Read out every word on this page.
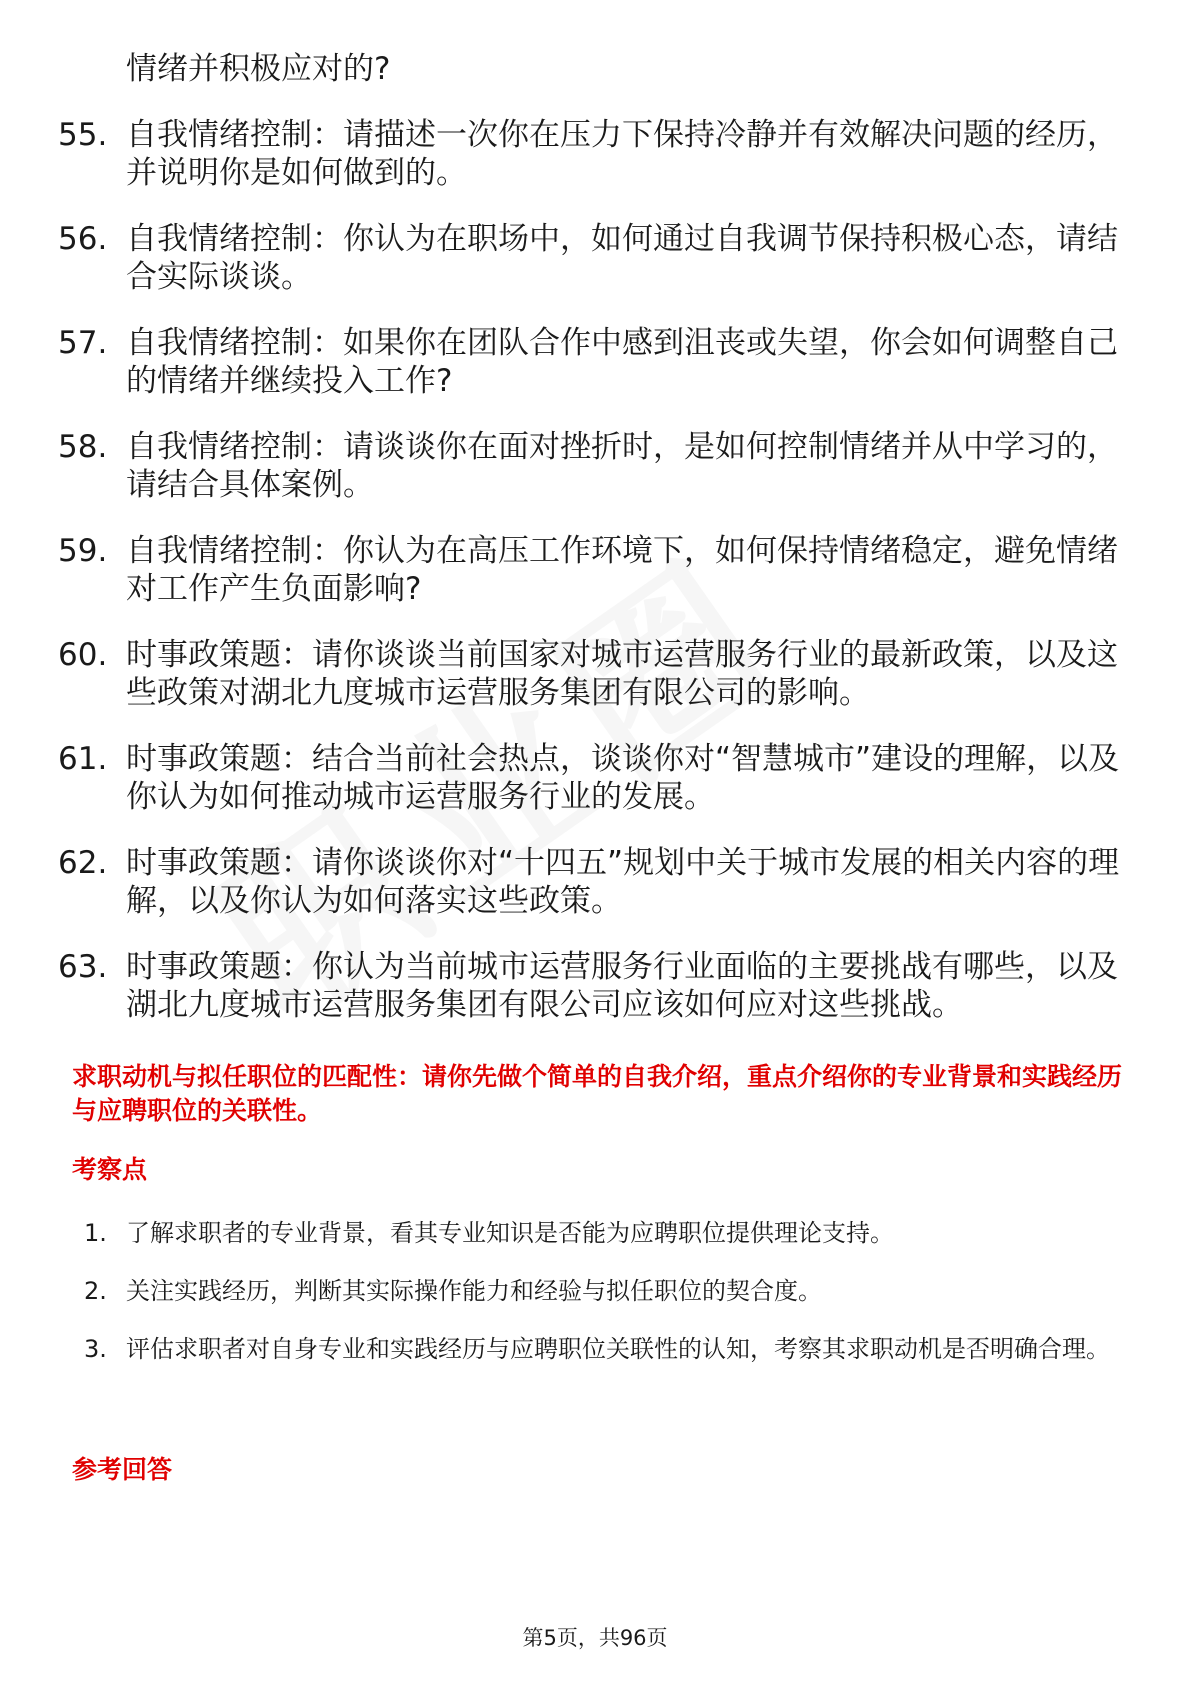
情绪并积极应对的?
55. 自我情绪控制：请描述一次你在压力下保持冷静并有效解决问题的经历，并说明你是如何做到的。
56. 自我情绪控制：你认为在职场中，如何通过自我调节保持积极心态，请结合实际谈谈。
57. 自我情绪控制：如果你在团队合作中感到沮丧或失望，你会如何调整自己的情绪并继续投入工作?
58. 自我情绪控制：请谈谈你在面对挫折时，是如何控制情绪并从中学习的，请结合具体案例。
59. 自我情绪控制：你认为在高压工作环境下，如何保持情绪稳定，避免情绪对工作产生负面影响?
60. 时事政策题：请你谈谈当前国家对城市运营服务行业的最新政策，以及这些政策对湖北九度城市运营服务集团有限公司的影响。
61. 时事政策题：结合当前社会热点，谈谈你对“智慧城市”建设的理解，以及你认为如何推动城市运营服务行业的发展。
62. 时事政策题：请你谈谈你对“十四五”规划中关于城市发展的相关内容的理解，以及你认为如何落实这些政策。
63. 时事政策题：你认为当前城市运营服务行业面临的主要挑战有哪些，以及湖北九度城市运营服务集团有限公司应该如何应对这些挑战。
求职动机与拟任职位的匹配性：请你先做个简单的自我介绍，重点介绍你的专业背景和实践经历与应聘职位的关联性。
考察点
1. 了解求职者的专业背景，看其专业知识是否能为应聘职位提供理论支持。
2. 关注实践经历，判断其实际操作能力和经验与拟任职位的契合度。
3. 评估求职者对自身专业和实践经历与应聘职位关联性的认知，考察其求职动机是否明确合理。
参考回答
第5页，共96页
